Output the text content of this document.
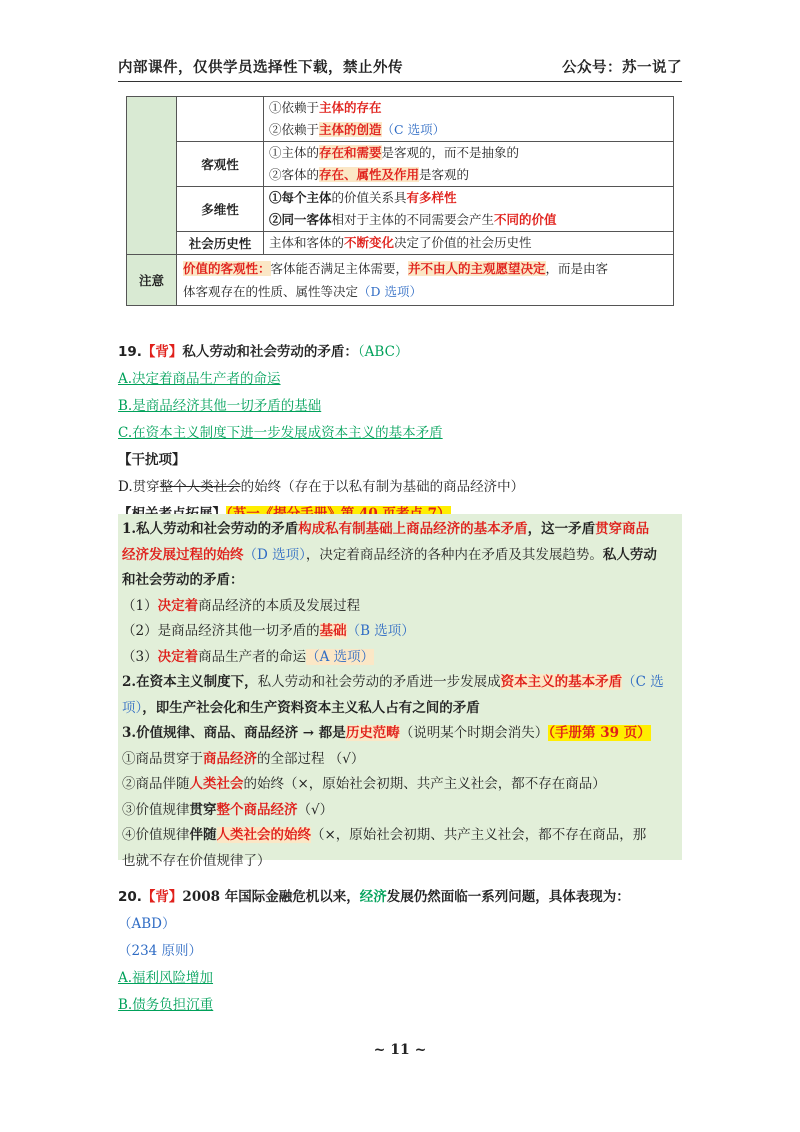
内部课件，仅供学员选择性下载，禁止外传	公众号：苏一说了

		①依赖于主体的存在
②依赖于主体的创造（C 选项）

	客观性	①主体的存在和需要是客观的，而不是抽象的
②客体的存在、属性及作用是客观的

	多维性	①每个主体的价值关系具有多样性
②同一客体相对于主体的不同需要会产生不同的价值

	社会历史性	主体和客体的不断变化决定了价值的社会历史性

注意	价值的客观性：客体能否满足主体需要，并不由人的主观愿望决定，而是由客
体客观存在的性质、属性等决定（D 选项）	
19.【背】私人劳动和社会劳动的矛盾：（ABC）
A.决定着商品生产者的命运
B.是商品经济其他一切矛盾的基础
C.在资本主义制度下进一步发展成资本主义的基本矛盾
【干扰项】
D.贯穿整个人类社会的始终（存在于以私有制为基础的商品经济中）
1.私人劳动和社会劳动的矛盾构成私有制基础上商品经济的基本矛盾，这一矛盾贯穿商品
经济发展过程的始终（D 选项），决定着商品经济的各种内在矛盾及其发展趋势。私人劳动
和社会劳动的矛盾：
（1）决定着商品经济的本质及发展过程
（2）是商品经济其他一切矛盾的基础（B 选项）
（3）决定着商品生产者的命运（A 选项）
2.在资本主义制度下，私人劳动和社会劳动的矛盾进一步发展成资本主义的基本矛盾（C 选
项），即生产社会化和生产资料资本主义私人占有之间的矛盾
3.价值规律、商品、商品经济 → 都是历史范畴（说明某个时期会消失）（手册第 39 页）
①商品贯穿于商品经济的全部过程 （√）
②商品伴随人类社会的始终（×，原始社会初期、共产主义社会，都不存在商品）
③价值规律贯穿整个商品经济（√）
④价值规律伴随人类社会的始终（×，原始社会初期、共产主义社会，都不存在商品，那
也就不存在价值规律了）
20.【背】2008 年国际金融危机以来，经济发展仍然面临一系列问题，具体表现为：
（ABD）
（234 原则）
A.福利风险增加
B.债务负担沉重
~ 11 ~
